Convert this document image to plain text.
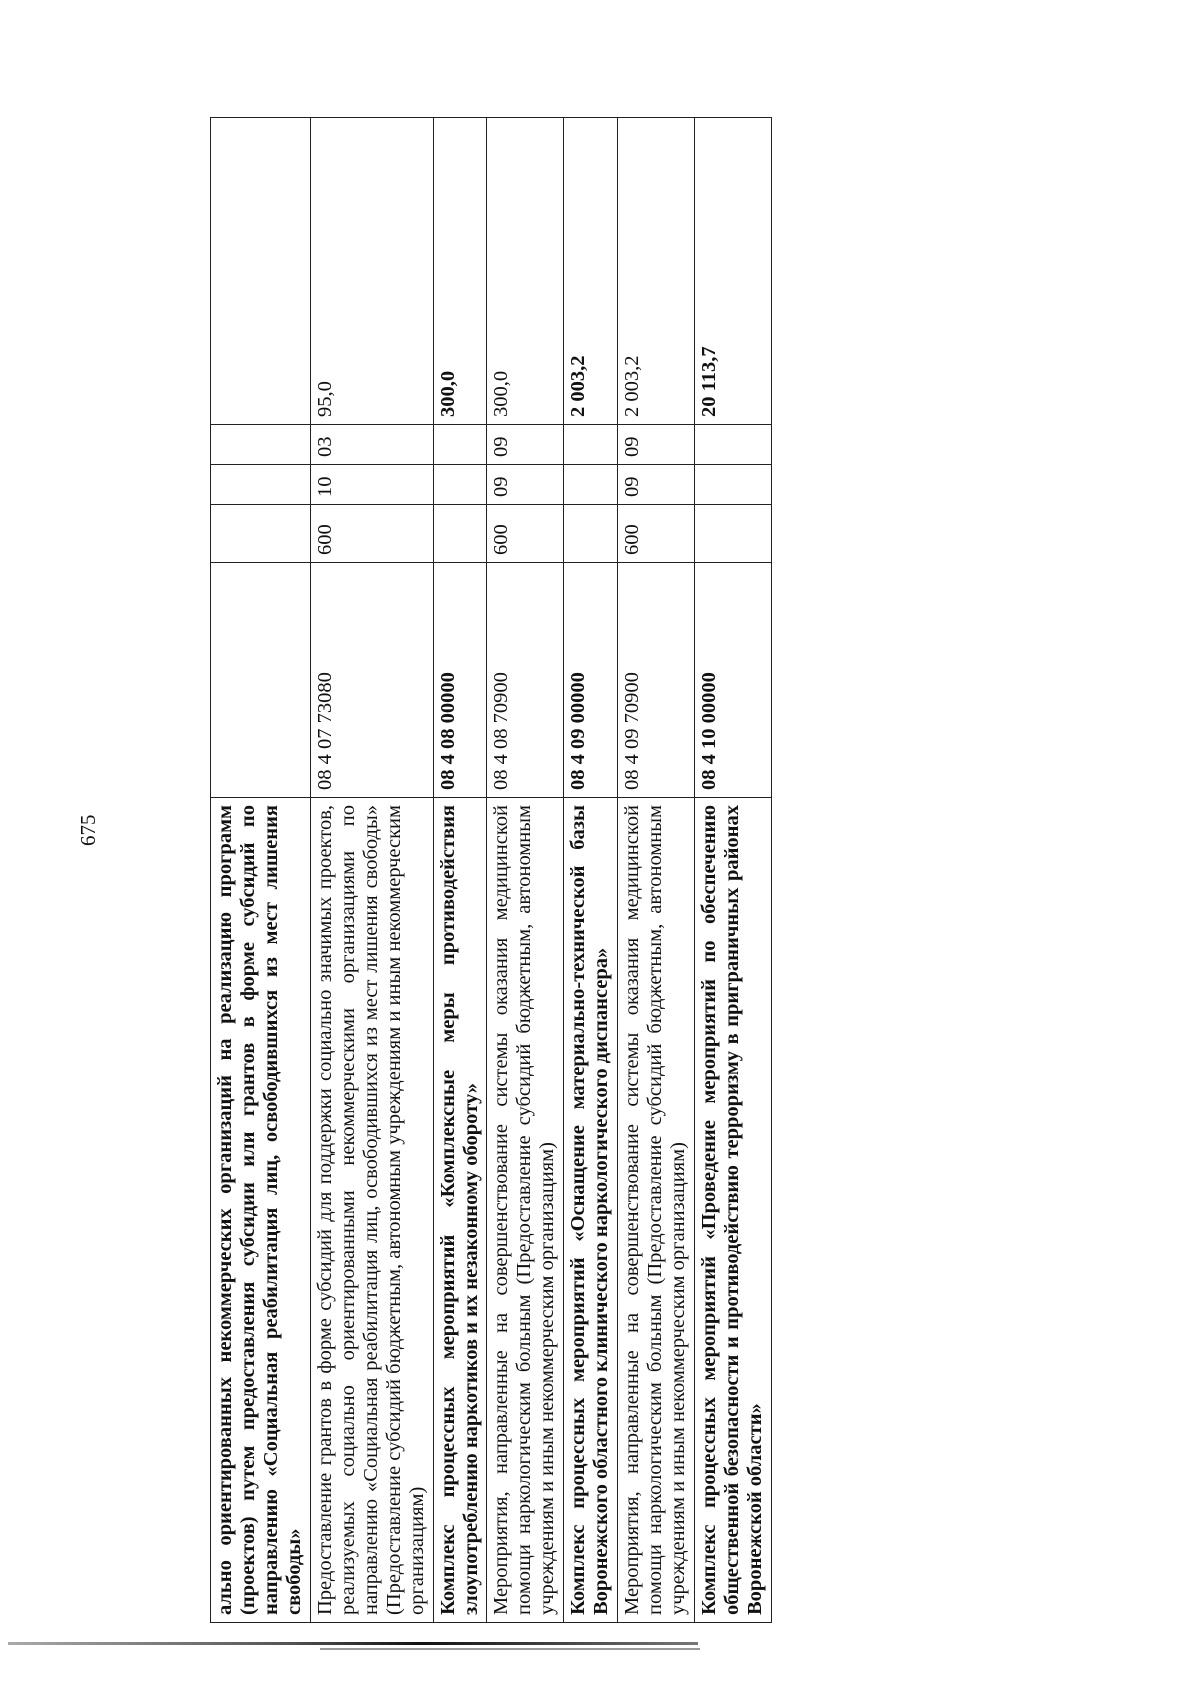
675	ально ориентированных некоммерческих организаций на реализацию программ (проектов) путем предоставления субсидии или грантов в форме субсидий по направлению «Социальная реабилитация лиц, освободившихся из мест лишения свободы»					
Предоставление грантов в форме субсидий для поддержки социально значимых проектов, реализуемых социально ориентированными некоммерческими организациями по направлению «Социальная реабилитация лиц, освободившихся из мест лишения свободы» (Предоставление субсидий бюджетным, автономным учреждениям и иным некоммерческим организациям)	08 4 07 73080	600	10	03	95,0
Комплекс процессных мероприятий «Комплексные меры противодействия злоупотреблению наркотиков и их незаконному обороту»	08 4 08 00000				300,0
Мероприятия, направленные на совершенствование системы оказания медицинской помощи наркологическим больным (Предоставление субсидий бюджетным, автономным учреждениям и иным некоммерческим организациям)	08 4 08 70900	600	09	09	300,0
Комплекс процессных мероприятий «Оснащение материально-технической базы Воронежского областного клинического наркологического диспансера»	08 4 09 00000				2 003,2
Мероприятия, направленные на совершенствование системы оказания медицинской помощи наркологическим больным (Предоставление субсидий бюджетным, автономным учреждениям и иным некоммерческим организациям)	08 4 09 70900	600	09	09	2 003,2
Комплекс процессных мероприятий «Проведение мероприятий по обеспечению общественной безопасности и противодействию терроризму в приграничных районах Воронежской области»	08 4 10 00000				20 113,7
